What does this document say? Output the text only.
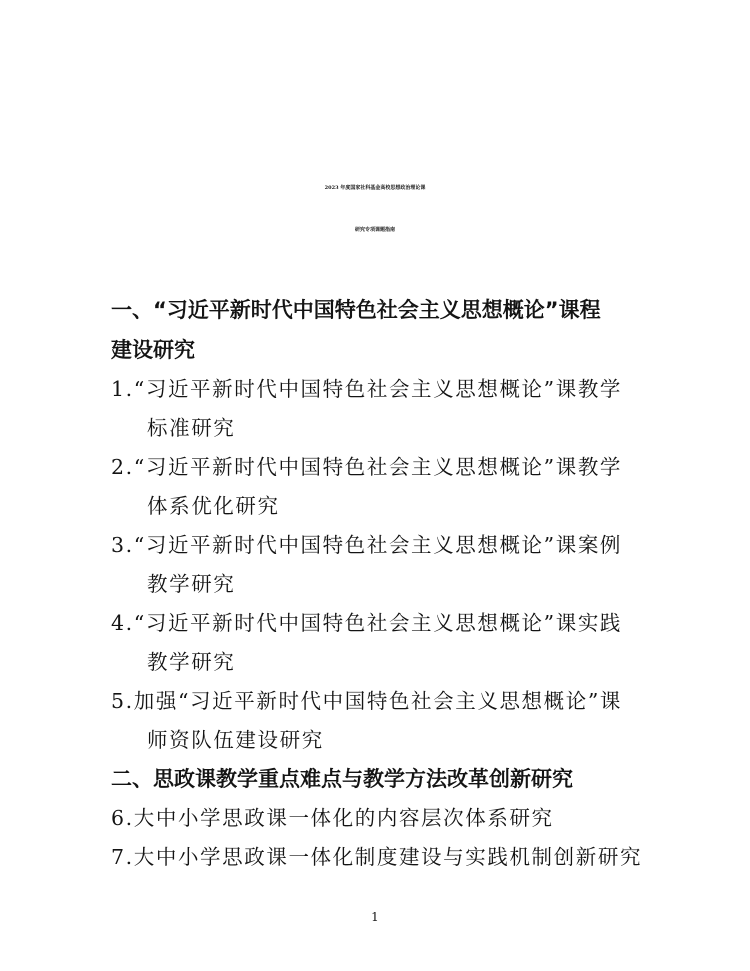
2023 年度国家社科基金高校思想政治理论课
研究专项课题指南
一、“习近平新时代中国特色社会主义思想概论”课程
建设研究
1.“习近平新时代中国特色社会主义思想概论”课教学
标准研究
2.“习近平新时代中国特色社会主义思想概论”课教学
体系优化研究
3.“习近平新时代中国特色社会主义思想概论”课案例
教学研究
4.“习近平新时代中国特色社会主义思想概论”课实践
教学研究
5.加强“习近平新时代中国特色社会主义思想概论”课
师资队伍建设研究
二、思政课教学重点难点与教学方法改革创新研究
6.大中小学思政课一体化的内容层次体系研究
7.大中小学思政课一体化制度建设与实践机制创新研究
1
